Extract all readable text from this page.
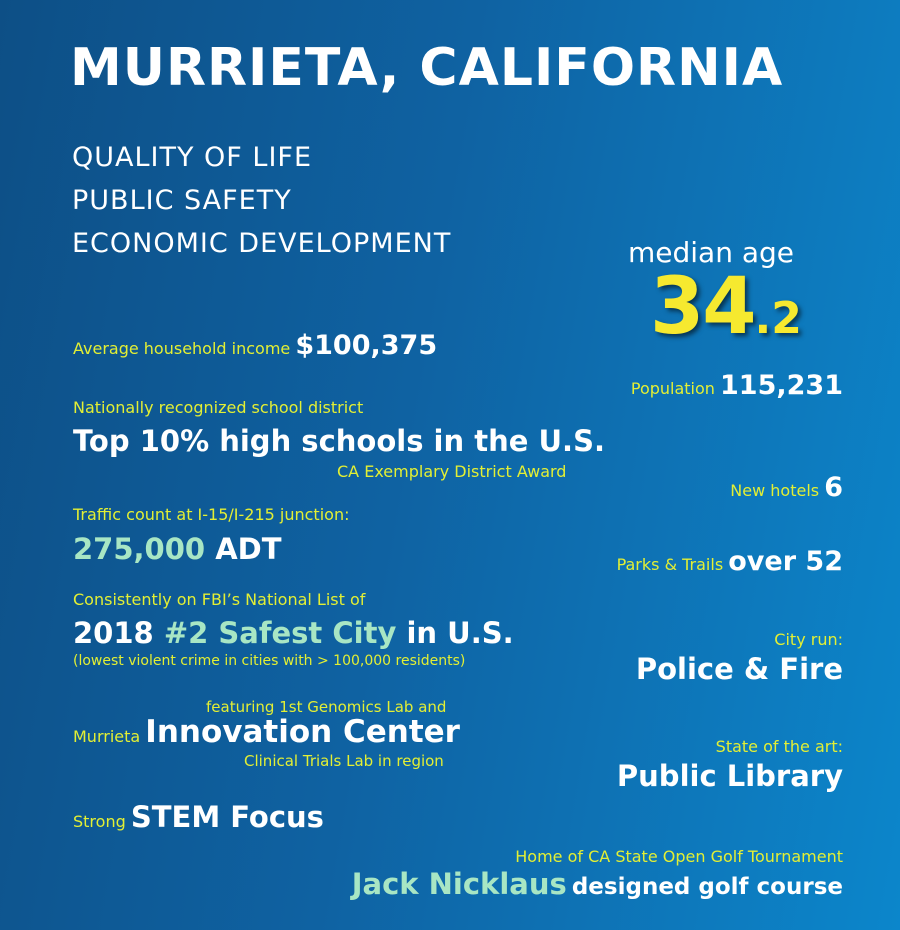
MURRIETA, CALIFORNIA
QUALITY OF LIFE
PUBLIC SAFETY
ECONOMIC DEVELOPMENT	median age
34.2
Average household income $100,375
Population 115,231
Nationally recognized school district
Top 10% high schools in the U.S.
CA Exemplary District Award
New hotels 6
Traffic count at I-15/I-215 junction:
275,000 ADT	Parks & Trails over 52
Consistently on FBI’s National List of
2018 #2 Safest City in U.S.
(lowest violent crime in cities with > 100,000 residents)
City run:
Police & Fire
featuring 1st Genomics Lab and
Murrieta Innovation Center
Clinical Trials Lab in region
State of the art:
Public Library
Strong STEM Focus
Home of CA State Open Golf Tournament
Jack Nicklaus designed golf course
